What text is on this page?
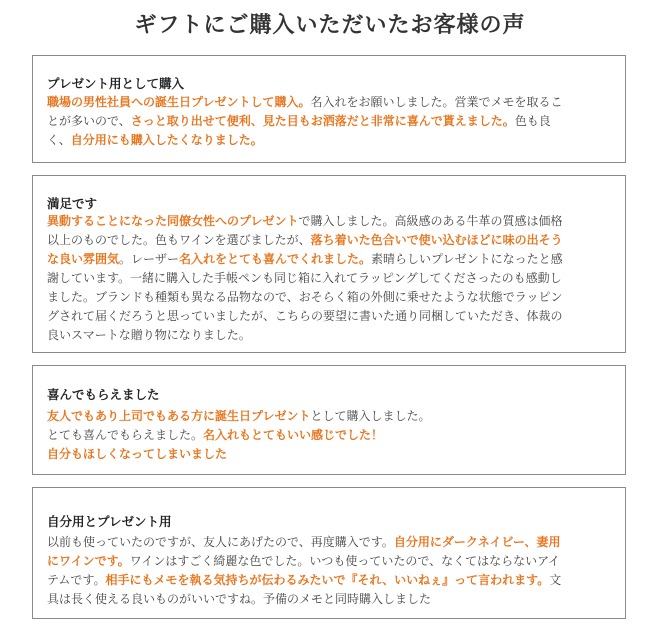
ギフトにご購入いただいたお客様の声
プレゼント用として購入
職場の男性社員への誕生日プレゼントして購入。名入れをお願いしました。営業でメモを取るこ
とが多いので、さっと取り出せて便利、見た目もお洒落だと非常に喜んで貰えました。色も良
く、自分用にも購入したくなりました。
満足です
異動することになった同僚女性へのプレゼントで購入しました。高級感のある牛革の質感は価格
以上のものでした。色もワインを選びましたが、落ち着いた色合いで使い込むほどに味の出そう
な良い雰囲気。レーザー名入れをとても喜んでくれました。素晴らしいプレゼントになったと感
謝しています。一緒に購入した手帳ペンも同じ箱に入れてラッピングしてくださったのも感動し
ました。ブランドも種類も異なる品物なので、おそらく箱の外側に乗せたような状態でラッピン
グされて届くだろうと思っていましたが、こちらの要望に書いた通り同梱していただき、体裁の
良いスマートな贈り物になりました。
喜んでもらえました
友人でもあり上司でもある方に誕生日プレゼントとして購入しました。
とても喜んでもらえました。名入れもとてもいい感じでした！
自分もほしくなってしまいました
自分用とプレゼント用
以前も使っていたのですが、友人にあげたので、再度購入です。自分用にダークネイビー、妻用
にワインです。ワインはすごく綺麗な色でした。いつも使っていたので、なくてはならないアイ
テムです。相手にもメモを執る気持ちが伝わるみたいで『それ、いいねぇ』って言われます。文
具は長く使える良いものがいいですね。予備のメモと同時購入しました
